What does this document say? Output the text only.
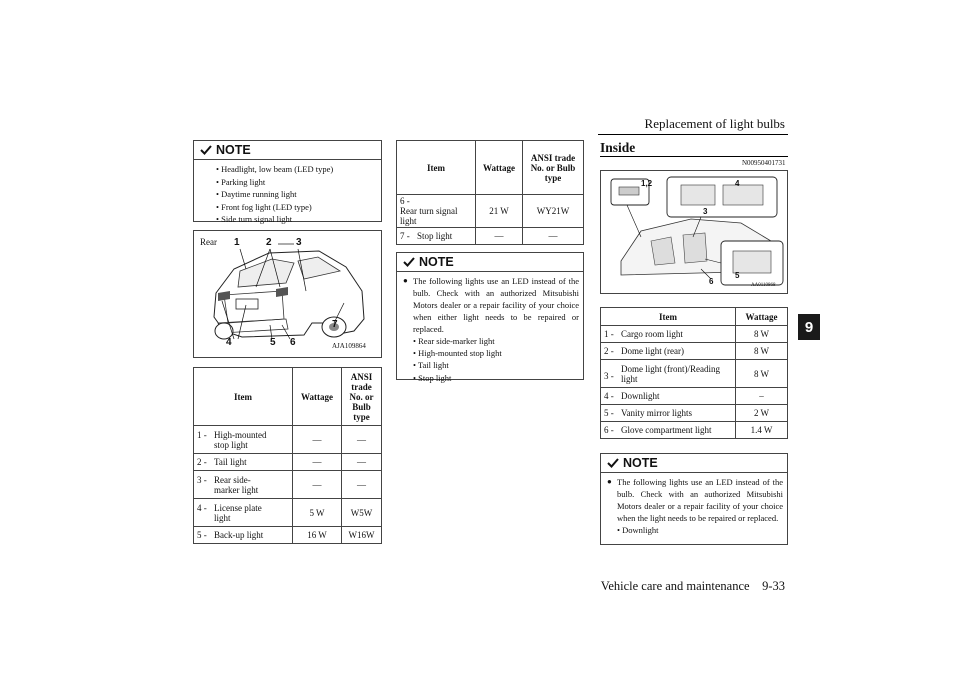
Replacement of light bulbs
9
Vehicle care and maintenance 9-33
NOTE
• Headlight, low beam (LED type)
• Parking light
• Daytime running light
• Front fog light (LED type)
• Side turn signal light
Rear 1	2 3
4	5 6
7
AJA109864
Item	Wattage	ANSI trade No. or Bulb type
1 - High-mounted stop light	—	—
2 - Tail light	—	—
3 - Rear side-marker light	—	—
4 - License plate light	5 W	W5W
5 - Back-up light	16 W	W16W
Item	Wattage	ANSI trade No. or Bulb type
6 -Rear turn signal light	21 W	WY21W
7 - Stop light	—	—
NOTE
● The following lights use an LED instead of the bulb. Check with an authorized Mitsubishi Motors dealer or a repair facility of your choice when either light needs to be repaired or replaced.
• Rear side-marker light
• High-mounted stop light
• Tail light
• Stop light
Inside
N00950401731
1,2
3
4
5
6	AA0110868
Item	Wattage
1 - Cargo room light	8 W
2 - Dome light (rear)	8 W
3 -Dome light (front)/Reading light	8 W
4 - Downlight	–
5 - Vanity mirror lights	2 W
6 - Glove compartment light	1.4 W
NOTE
● The following lights use an LED instead of the bulb. Check with an authorized Mitsubishi Motors dealer or a repair facility of your choice when the light needs to be repaired or replaced.
• Downlight
